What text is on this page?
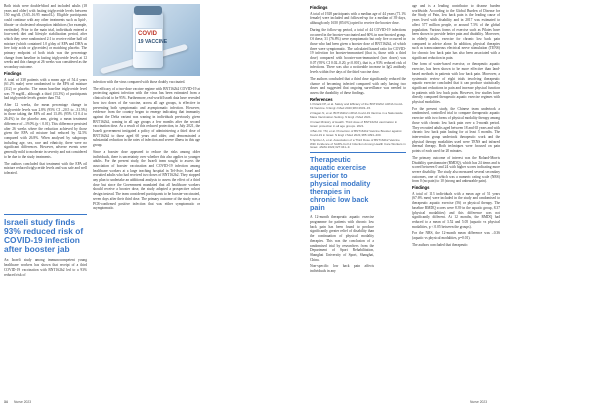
Both trials were double-blind and included adults (18 years and older) with fasting triglyceride levels between 150 mg/dL (5.65–16.95 mmol/L). Eligible participants could continue with any other treatments such as lipid-, fibrate- or cholesterol-absorption inhibitors (for example, ezetimibe). Prior to the main trial, individuals entered a four-week diet and lifestyle stabilisation period, after which they were randomised 2:1 to receive either half oil mixture (which contained 1.0 g/day of EPA and DHA as free fatty acids or glycerides) or matching placebo. The primary endpoint of both trials was the percentage change from baseline in fasting triglyceride levels at 12 weeks and this change at 26 weeks was considered as the secondary outcome.

Findings

A total of 338 patients with a mean age of 54.4 years (61.2% male) were randomised to the EPA oil mixture (312) or placebo. The mean baseline triglyceride level was 79 mg/dL, although a third (33.3%) of participants had triglyceride levels greater than 734.

After 12 weeks, the mean percentage change in triglyceride levels was 2.8% (95% CI –20.5 to –31.5%) in those taking the EPA oil and 13.4% (95% CI 0.4 to 26.4%) in the placebo arm, giving a mean treatment difference of –19.0% (p < 0.01). This difference persisted after 26 weeks where the reduction achieved by those given the EPA oil mixture had reduced by 32.5% compared with 26.8%. When analysed by subgroups including age, sex, race and ethnicity, there were no significant differences. However, adverse events were generally mild to moderate in severity and not considered to be due to the study treatments.

The authors concluded that treatment with the EPA oil mixture reduced triglyceride levels and was safe and well tolerated.

Israeli study finds 93% reduced risk of COVID-19 infection after booster jab

An Israeli study among immunocompetent young healthcare workers has shown that receipt of a third COVID-19 vaccination with BNT162b2 led to a 93% reduced risk of

COVID
19 VACCINE

infection with the virus compared with those doubly vaccinated.

The efficacy of a two-dose vaccine regime with BNT162b2 COVID-19 at protecting against infection with the virus has been estimated from a clinical trial to be 95%. Furthermore, real-world Israeli data have revealed how two doses of the vaccine, across all age groups, is effective in preventing both symptomatic and asymptomatic infection. However, evidence from the country began to emerge indicating that immunity against the Delta variant was waning in individuals previously given BNT162b2, waning in all age groups a few months after the second vaccination dose. As a result of this reduced protection, in July 2021, the Israeli government instigated a policy of administering a third dose of BNT162b2 to those aged 60 years and older, and demonstrated a substantial reduction in the rates of infection and severe illness in this age group.

Since a booster dose appeared to reduce the risks among older individuals, there is uncertainty over whether this also applies to younger adults. For the present study, the Israeli team sought to assess the association of booster vaccination and COVID-19 infection among healthcare workers at a large teaching hospital in Tel-Aviv, Israel and recruited adults who had received two doses of BNT162b2. They stopped any plan to undertake an additional analysis to assess the effect of a third dose but since the Government mandated that all healthcare workers should receive a booster dose, the study adopted a prospective cohort design instead. The team considered participants to be booster-vaccinated, seven days after their third dose. The primary outcome of the study was a PCR-confirmed positive infection that was either symptomatic or asymptomatic.

Findings

A total of 1928 participants with a median age of 44 years (71.1% female) were included and followed-up for a median of 39 days, although only 1650 (85.6%) opted to receive the booster dose.

During the follow-up period, a total of 44 COVID-19 infections occurred in the booster-vaccinated and 60% in non-boosted group. Of these, 31 (76.8%) were symptomatic but only five occurred in those who had been given a booster dose of BNT162b2, of which three were symptomatic. The calculated hazard ratio for COVID-19 infection for booster-immunised (that is, those with a third dose) compared with booster-non-immunised (two doses) was 0.07 (95% CI 0.02–0.20, p<0.001), that is, a 93% reduced risk of infections. There was also a noticeable increase in IgG antibody levels within five days of the third vaccine dose.

The authors concluded that a third dose significantly reduced the chance of becoming infected compared with only having two doses and suggested that ongoing surveillance was needed to assess the durability of these findings.

References
1 Polack FP, et al. Safety and Efficacy of the BNT162b2 mRNA Covid-19 Vaccine. N Engl J Med 2020;383:2603–15.
2 Dagan N, et al. BNT162b2 mRNA Covid-19 Vaccine in a Nationwide Mass Vaccination Setting. N Engl J Med 2021.
3 Israel Ministry of Health. Third dose of BNT162b2 vaccination in Israel: protection in all age groups. 2021.
4 Bar-On YM, et al. Protection of BNT162b2 Vaccine Booster against Covid-19 in Israel. N Engl J Med 2021;385:1393–400.
5 Spitzer A, et al. Association of a Third Dose of BNT162b2 Vaccine With Incidence of SARS-CoV-2 Infection Among Health Care Workers in Israel. JAMA 2022;327:341–9.
Therapeutic aquatic exercise superior to physical modality therapies in chronic low back pain

A 12-month therapeutic aquatic exercise programme for patients with chronic low back pain has been found to produce significantly greater relief of disability than the continuation of physical modality therapies. This was the conclusion of a randomised trial by researchers from the Department of Sport Rehabilitation, Shanghai University of Sport, Shanghai, China.

Non-specific low back pain affects individuals in any

age and is a leading contributor to disease burden worldwide. According to the Global Burden of Disease for the Study of Pain, low back pain is the leading cause of years lived with disability and in 2017 was estimated to affect 577 million people, or around 7.5% of the global population. Various forms of exercise such as Pilates have been shown to provide better pain and disability. Moreover, in elderly adults, exercise for chronic low back pain compared to advice alone. In addition, physical therapies such as transcutaneous electrical nerve stimulation (TENS) for chronic low back pain has also been associated with a significant reduction in pain.

One form of water-based exercise, or therapeutic aquatic exercise, has been shown to be more effective than land-based methods in patients with low back pain. Moreover, a systematic review of eight trials involving therapeutic aquatic exercise concluded that it can produce statistically significant reductions in pain and increase physical function in patients with low back pain. However, few studies have directly compared therapeutic aquatic exercise regimes with physical modalities.

For the present study, the Chinese team undertook a randomised, controlled trial to compare therapeutic aquatic exercise with two forms of physical modality therapy among those with chronic low back pain over a 3-month period. They recruited adults aged between 18 and 65 years and with chronic low back pain lasting for at least 3 months. The intervention group undertook therapeutic work and the physical therapy modalities used were TENS and infrared thermal therapy. Both techniques were focused on pain points of each used for 20 minutes.

The primary outcome of interest was the Roland-Morris Disability questionnaire (RMDQ), which has 24 items and is scored between 0 and 24 with higher scores indicating more severe disability. The study also measured several secondary outcomes, one of which was a numeric rating scale (NRS) from 0 (no pain) to 10 (strong and unbearable pain).

Findings

A total of 113 individuals with a mean age of 51 years (67.6% men) were included in the study and randomised to therapeutic aquatic exercise (56) or physical therapy. The baseline RMDQ scores were 8.39 in the aquatic group, 8.37 (physical modalities) and this difference was not significantly different. At 12 months, the RMDQ had reduced to a mean of 3.52 and 5.05 (aquatic vs physical modalities, p < 0.05 between the groups).

For the NRS, the 12-month mean difference was –0.36 (aquatic vs physical modalities, p=0.01).

The authors concluded that therapeutic

34 Nurse 2023	Nurse 2023
